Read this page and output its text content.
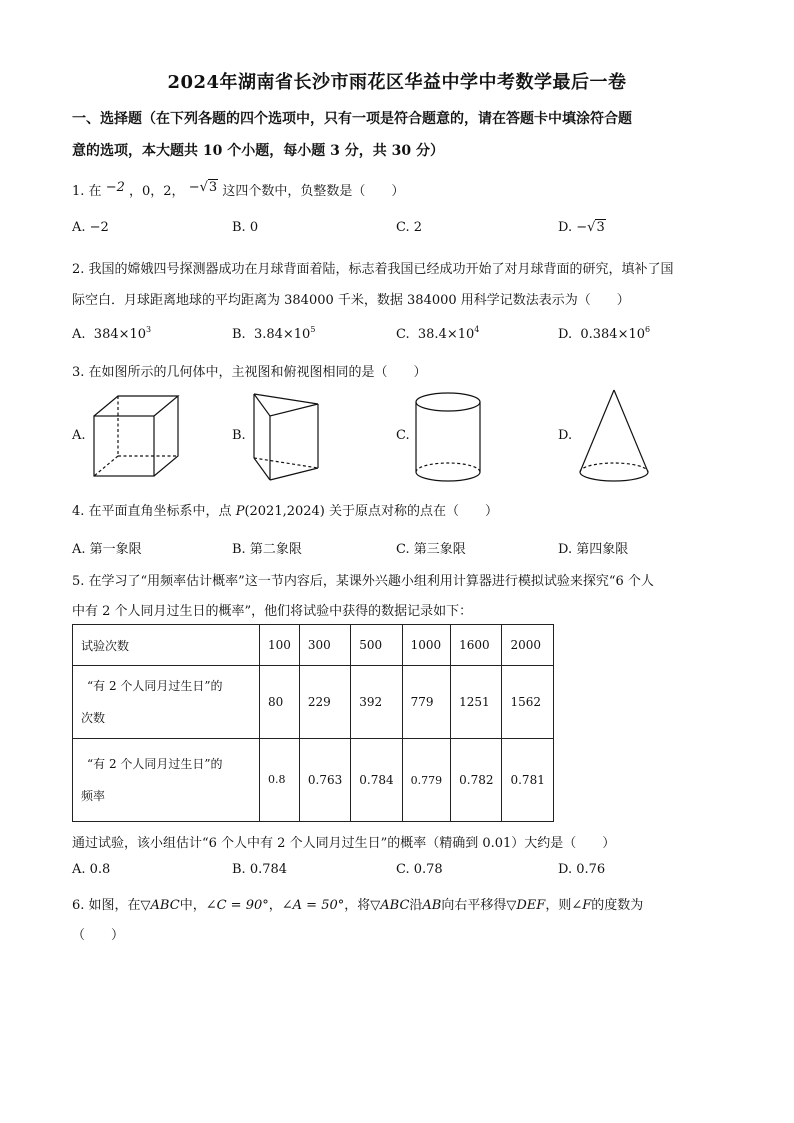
2024年湖南省长沙市雨花区华益中学中考数学最后一卷
一、选择题（在下列各题的四个选项中，只有一项是符合题意的，请在答题卡中填涂符合题
意的选项，本大题共 10 个小题，每小题 3 分，共 30 分）
1. 在 −2 ，0，2， −√3 这四个数中，负整数是（　　）
A. −2	B. 0	C. 2	D. −√3
2. 我国的嫦娥四号探测器成功在月球背面着陆，标志着我国已经成功开始了对月球背面的研究，填补了国
际空白．月球距离地球的平均距离为 384000 千米，数据 384000 用科学记数法表示为（　　）
A. $384\times 10^3$	B. $3.84\times 10^5$	C. $38.4\times 10^4$	D. $0.384\times 10^6$
3. 在如图所示的几何体中，主视图和俯视图相同的是（　　）
A.	B.	C.	D.
4. 在平面直角坐标系中，点 P(2021,2024) 关于原点对称的点在（　　）
A. 第一象限	B. 第二象限	C. 第三象限	D. 第四象限
5. 在学习了“用频率估计概率”这一节内容后，某课外兴趣小组利用计算器进行模拟试验来探究“6 个人
中有 2 个人同月过生日的概率”，他们将试验中获得的数据记录如下：
试验次数	100	300	500	1000	1600	2000

“有 2 个人同月过生日”的
次数	80	229	392	779	1251	1562

“有 2 个人同月过生日”的
频率	0.8	0.763	0.784	0.779	0.782	0.781
通过试验，该小组估计“6 个人中有 2 个人同月过生日”的概率（精确到 0.01）大约是（　　）
A. 0.8	B. 0.784	C. 0.78	D. 0.76
6. 如图，在▽ABC中，∠C = 90°，∠A = 50°，将▽ABC沿AB向右平移得▽DEF，则∠F的度数为
（　　）
